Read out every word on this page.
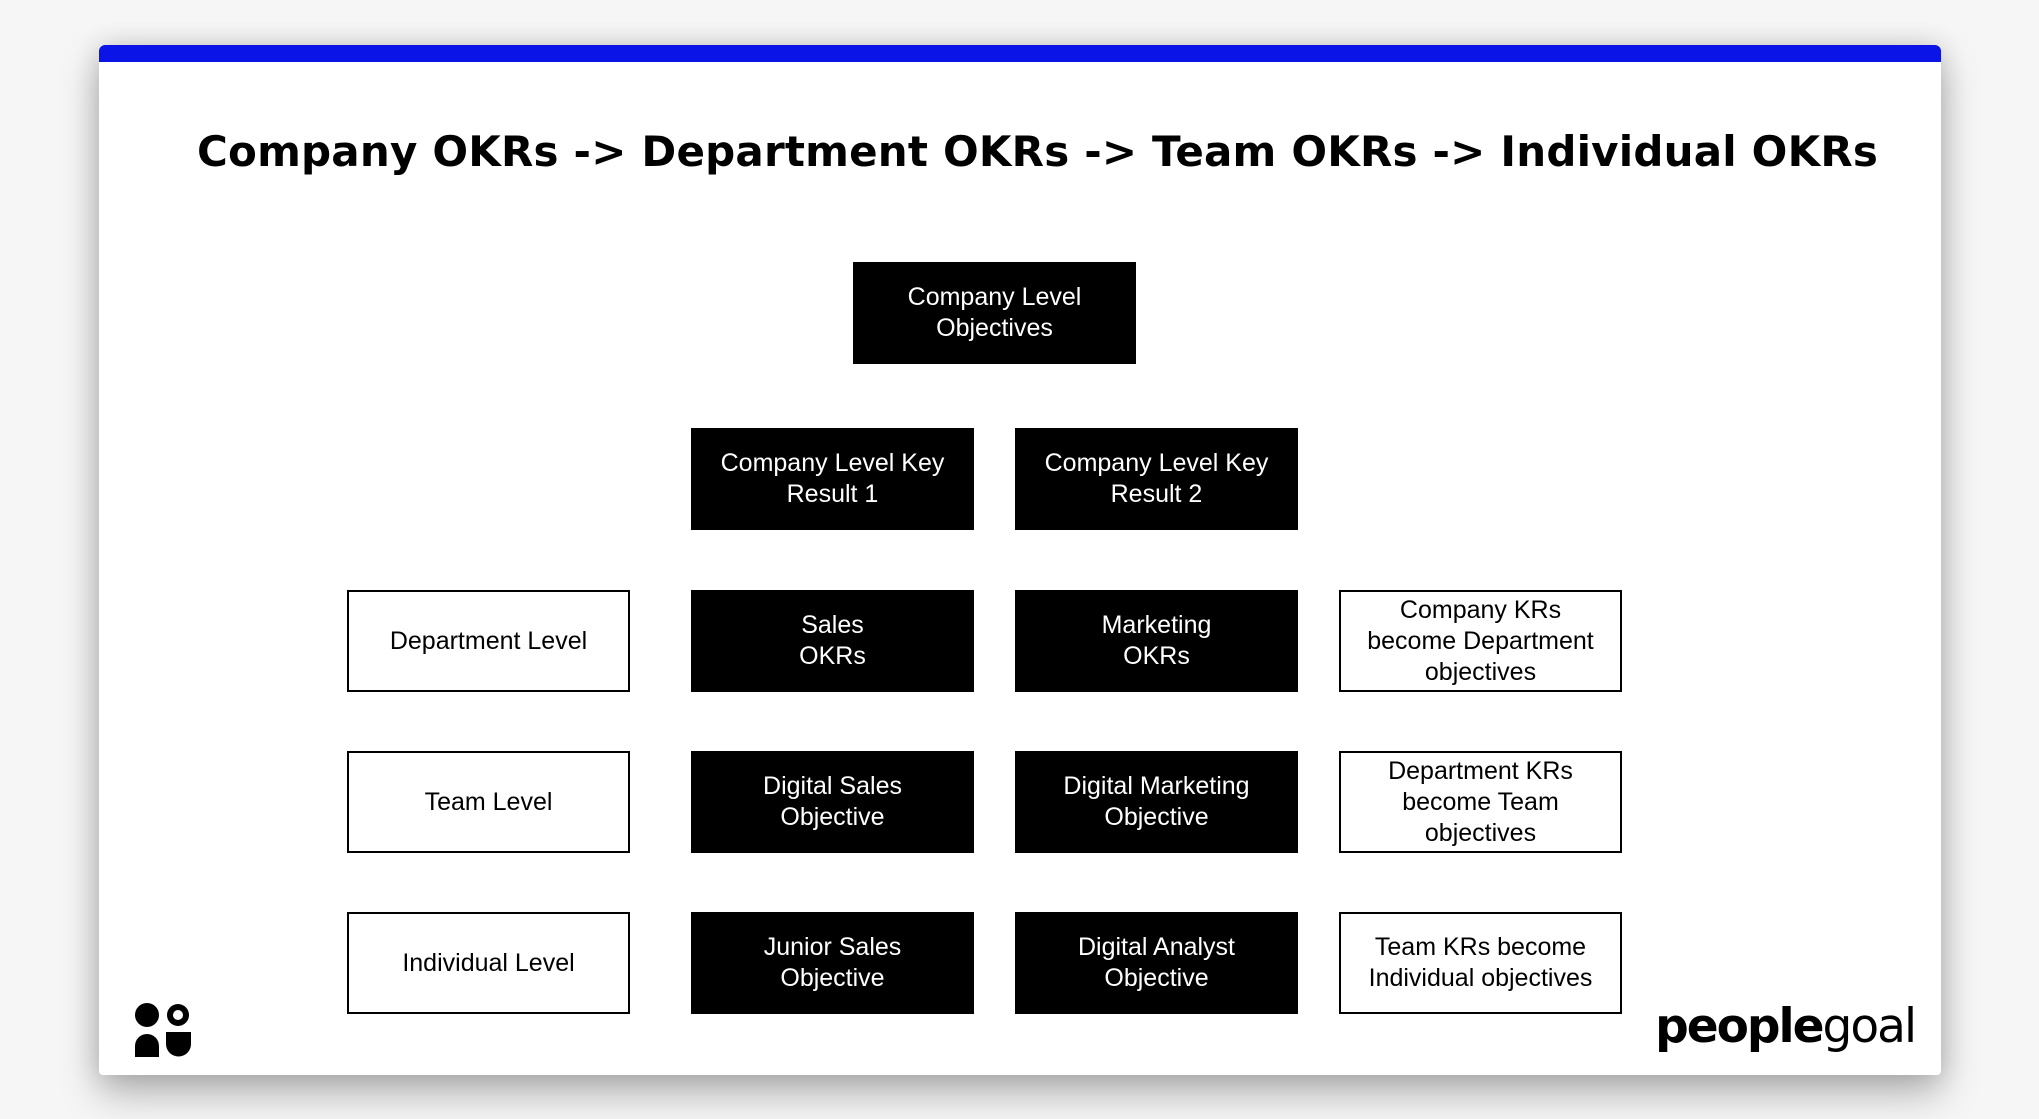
Company OKRs -> Department OKRs -> Team OKRs -> Individual OKRs
Company Level
Objectives
Company Level Key
Result 1
Company Level Key
Result 2
Department Level
Sales
OKRs
Marketing
OKRs
Company KRs
become Department
objectives
Team Level
Digital Sales
Objective
Digital Marketing
Objective
Department KRs
become Team
objectives
Individual Level
Junior Sales
Objective
Digital Analyst
Objective
Team KRs become
Individual objectives
peoplegoal
